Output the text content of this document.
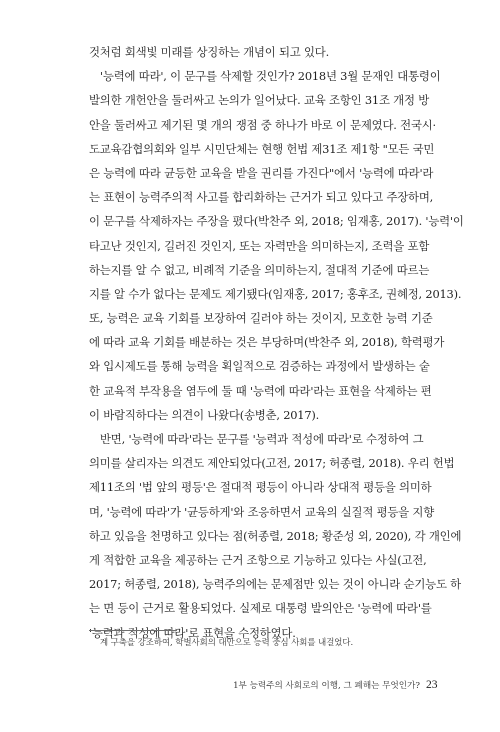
것처럼 회색빛 미래를 상징하는 개념이 되고 있다.
'능력에 따라', 이 문구를 삭제할 것인가? 2018년 3월 문재인 대통령이
발의한 개헌안을 둘러싸고 논의가 일어났다. 교육 조항인 31조 개정 방
안을 둘러싸고 제기된 몇 개의 쟁점 중 하나가 바로 이 문제였다. 전국시·
도교육감협의회와 일부 시민단체는 현행 헌법 제31조 제1항 "모든 국민
은 능력에 따라 균등한 교육을 받을 권리를 가진다"에서 '능력에 따라'라
는 표현이 능력주의적 사고를 합리화하는 근거가 되고 있다고 주장하며,
이 문구를 삭제하자는 주장을 폈다(박찬주 외, 2018; 임재홍, 2017). '능력'이
타고난 것인지, 길러진 것인지, 또는 자력만을 의미하는지, 조력을 포함
하는지를 알 수 없고, 비례적 기준을 의미하는지, 절대적 기준에 따르는
지를 알 수가 없다는 문제도 제기됐다(임재홍, 2017; 홍후조, 권혜정, 2013).
또, 능력은 교육 기회를 보장하여 길러야 하는 것이지, 모호한 능력 기준
에 따라 교육 기회를 배분하는 것은 부당하며(박찬주 외, 2018), 학력평가
와 입시제도를 통해 능력을 획일적으로 검증하는 과정에서 발생하는 숱
한 교육적 부작용을 염두에 둘 때 '능력에 따라'라는 표현을 삭제하는 편
이 바람직하다는 의견이 나왔다(송병춘, 2017).
반면, '능력에 따라'라는 문구를 '능력과 적성에 따라'로 수정하여 그
의미를 살리자는 의견도 제안되었다(고전, 2017; 허종렬, 2018). 우리 헌법
제11조의 '법 앞의 평등'은 절대적 평등이 아니라 상대적 평등을 의미하
며, '능력에 따라'가 '균등하게'와 조응하면서 교육의 실질적 평등을 지향
하고 있음을 천명하고 있다는 점(허종렬, 2018; 황준성 외, 2020), 각 개인에
게 적합한 교육을 제공하는 근거 조항으로 기능하고 있다는 사실(고전,
2017; 허종렬, 2018), 능력주의에는 문제점만 있는 것이 아니라 순기능도 하
는 면 등이 근거로 활용되었다. 실제로 대통령 발의안은 '능력에 따라'를
'능력과 적성에 따라'로 표현을 수정하였다.
계 구축을 강조하여, 학벌사회의 대안으로 능력 중심 사회를 내걸었다.
1부 능력주의 사회로의 이행, 그 폐해는 무엇인가? 23
